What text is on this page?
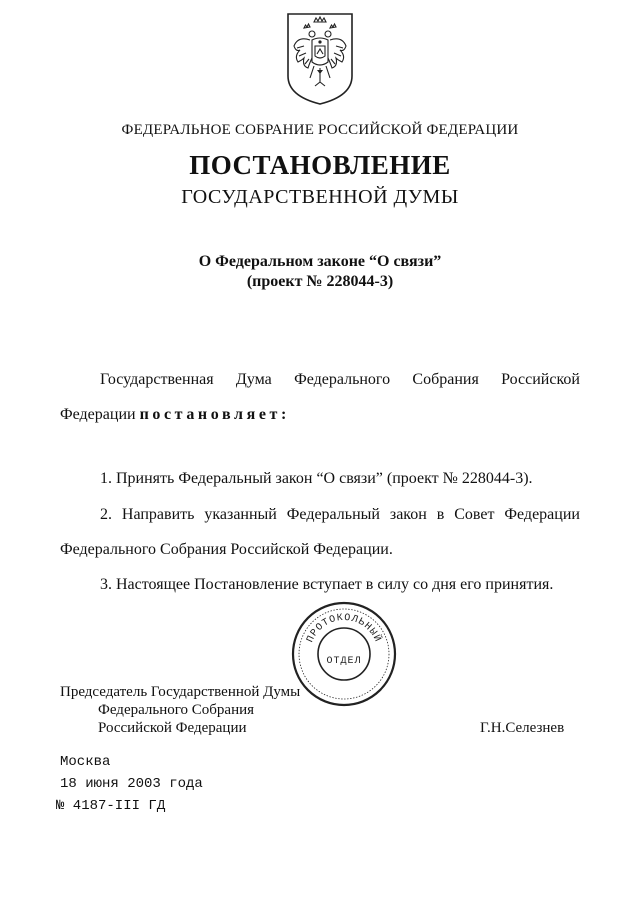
ФЕДЕРАЛЬНОЕ СОБРАНИЕ РОССИЙСКОЙ ФЕДЕРАЦИИ
ПОСТАНОВЛЕНИЕ
ГОСУДАРСТВЕННОЙ ДУМЫ
О Федеральном законе “О связи”
(проект № 228044-3)
Государственная Дума Федерального Собрания Российской
Федерации постановляет:
1. Принять Федеральный закон “О связи” (проект № 228044-3).
2. Направить указанный Федеральный закон в Совет Федерации
Федерального Собрания Российской Федерации.
3. Настоящее Постановление вступает в силу со дня его принятия.
ПРОТОКОЛЬНЫЙ
ОТДЕЛ
Председатель Государственной Думы
Федерального Собрания
Российской Федерации	Г.Н.Селезнев
Москва
18 июня 2003 года
№ 4187-III ГД
